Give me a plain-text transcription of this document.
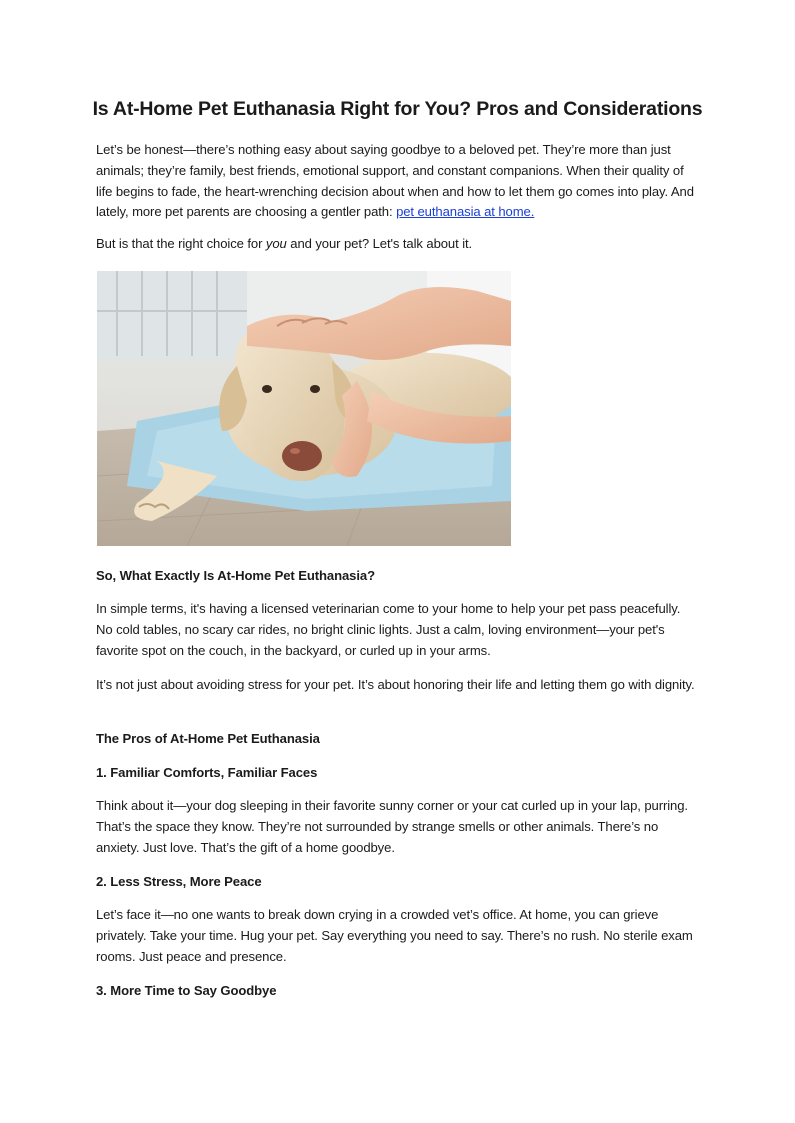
Is At-Home Pet Euthanasia Right for You? Pros and Considerations

Let’s be honest—there’s nothing easy about saying goodbye to a beloved pet. They’re more than just animals; they’re family, best friends, emotional support, and constant companions. When their quality of life begins to fade, the heart-wrenching decision about when and how to let them go comes into play. And lately, more pet parents are choosing a gentler path: pet euthanasia at home.

But is that the right choice for you and your pet? Let's talk about it.

So, What Exactly Is At-Home Pet Euthanasia?

In simple terms, it's having a licensed veterinarian come to your home to help your pet pass peacefully. No cold tables, no scary car rides, no bright clinic lights. Just a calm, loving environment—your pet's favorite spot on the couch, in the backyard, or curled up in your arms.

It’s not just about avoiding stress for your pet. It’s about honoring their life and letting them go with dignity.

The Pros of At-Home Pet Euthanasia
1. Familiar Comforts, Familiar Faces

Think about it—your dog sleeping in their favorite sunny corner or your cat curled up in your lap, purring. That’s the space they know. They’re not surrounded by strange smells or other animals. There’s no anxiety. Just love. That’s the gift of a home goodbye.

2. Less Stress, More Peace

Let’s face it—no one wants to break down crying in a crowded vet’s office. At home, you can grieve privately. Take your time. Hug your pet. Say everything you need to say. There’s no rush. No sterile exam rooms. Just peace and presence.

3. More Time to Say Goodbye
